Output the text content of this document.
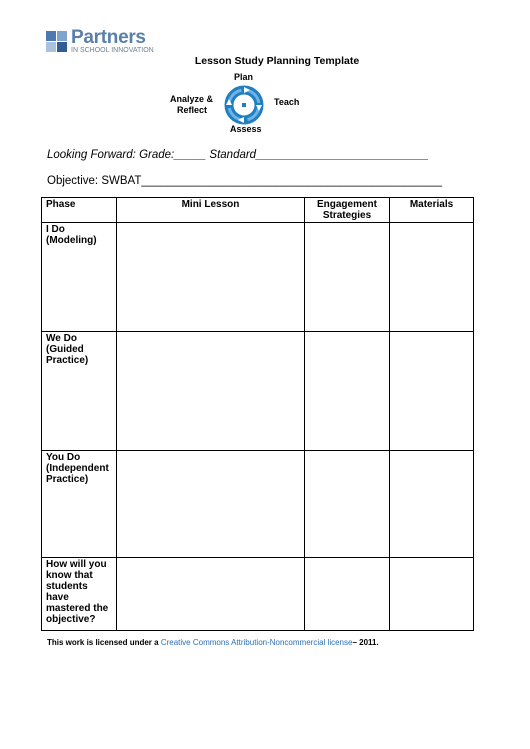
Partners
IN SCHOOL INNOVATION
Lesson Study Planning Template
Plan
Teach
Assess
Analyze &
Reflect
Looking Forward: Grade:_____ Standard___________________________
Objective: SWBAT_______________________________________________
Phase	Mini Lesson	Engagement Strategies	Materials
I Do (Modeling)			
We Do (Guided Practice)			
You Do (Independent Practice)			
How will you know that students have mastered the objective?			
This work is licensed under a Creative Commons Attribution-Noncommercial license– 2011.
